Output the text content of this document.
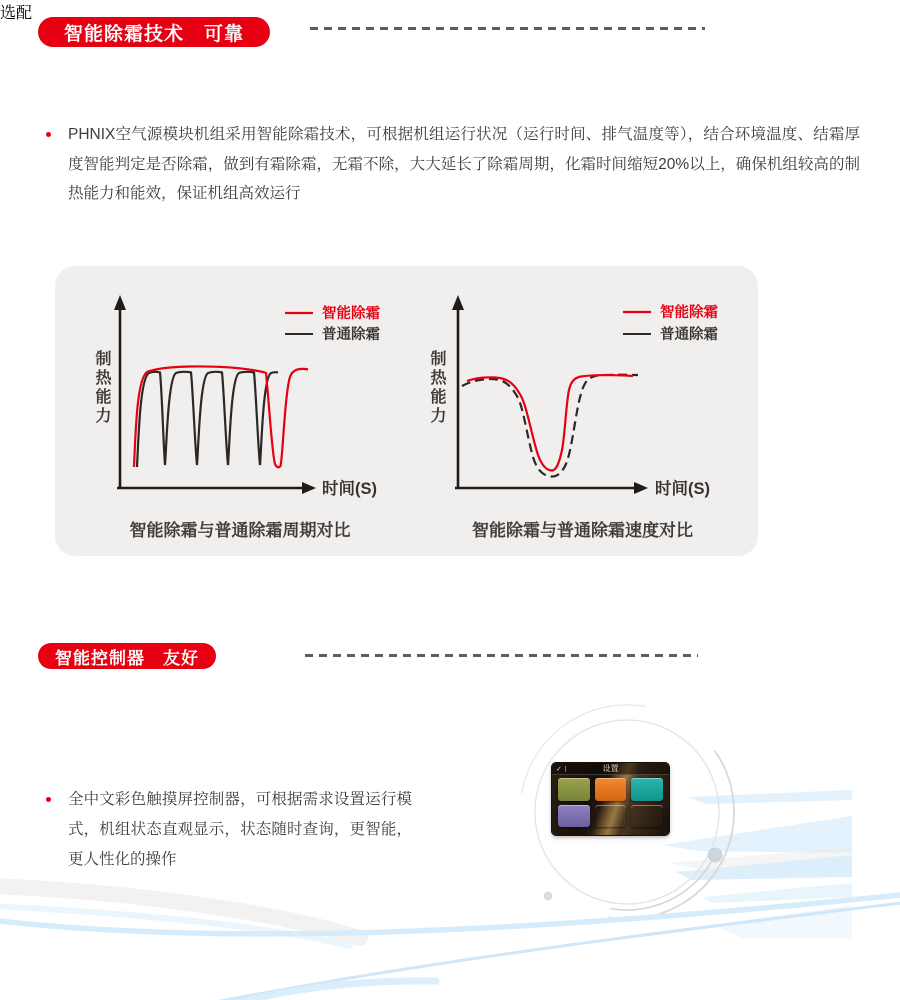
智能除霜技术　可靠
PHNIX空气源模块机组采用智能除霜技术，可根据机组运行状况（运行时间、排气温度等），结合环境温度、结霜厚度智能判定是否除霜，做到有霜除霜，无霜不除，大大延长了除霜周期，化霜时间缩短20%以上，确保机组较高的制热能力和能效，保证机组高效运行
智能除霜
普通除霜
时间(S)
制热能力
智能除霜
普通除霜
时间(S)
制热能力
智能除霜与普通除霜周期对比	智能除霜与普通除霜速度对比
智能控制器　友好
全中文彩色触摸屏控制器，可根据需求设置运行模式，机组状态直观显示，状态随时查询，更智能，更人性化的操作
✓	设置
选配
